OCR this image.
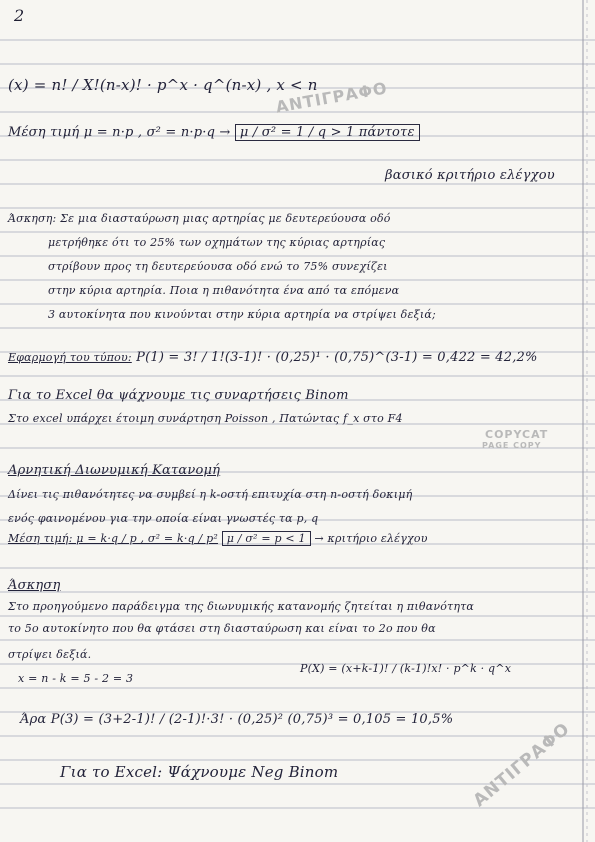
2
(x) = n! / X!(n-x)! · p^x · q^(n-x) , x < n
Μέση τιμή μ = n·p , σ² = n·p·q → μ / σ² = 1 / q > 1 πάντοτε
βασικό κριτήριο ελέγχου
Άσκηση: Σε μια διασταύρωση μιας αρτηρίας με δευτερεύουσα οδό
μετρήθηκε ότι το 25% των οχημάτων της κύριας αρτηρίας
στρίβουν προς τη δευτερεύουσα οδό ενώ το 75% συνεχίζει
στην κύρια αρτηρία. Ποια η πιθανότητα ένα από τα επόμενα
3 αυτοκίνητα που κινούνται στην κύρια αρτηρία να στρίψει δεξιά;
Εφαρμογή του τύπου: P(1) = 3! / 1!(3-1)! · (0,25)¹ · (0,75)^(3-1) = 0,422 = 42,2%
Για το Excel θα ψάχνουμε τις συναρτήσεις Binom
Στο excel υπάρχει έτοιμη συνάρτηση Poisson , Πατώντας f_x στο F4
Αρνητική Διωνυμική Κατανομή
Δίνει τις πιθανότητες να συμβεί η k-οστή επιτυχία στη n-οστή δοκιμή
ενός φαινομένου για την οποία είναι γνωστές τα p, q
Μέση τιμή: μ = k·q / p , σ² = k·q / p² μ / σ² = p < 1 → κριτήριο ελέγχου
Άσκηση
Στο προηγούμενο παράδειγμα της διωνυμικής κατανομής ζητείται η πιθανότητα
το 5ο αυτοκίνητο που θα φτάσει στη διασταύρωση και είναι το 2ο που θα
στρίψει δεξιά.
P(X) = (x+k-1)! / (k-1)!x! · p^k · q^x
x = n - k = 5 - 2 = 3
Άρα P(3) = (3+2-1)! / (2-1)!·3! · (0,25)² (0,75)³ = 0,105 = 10,5%
Για το Excel: Ψάχνουμε Neg Binom
ΑΝΤΙΓΡΑΦΟ
COPYCAT
PAGE COPY
ΑΝΤΙΓΡΑΦΟ
